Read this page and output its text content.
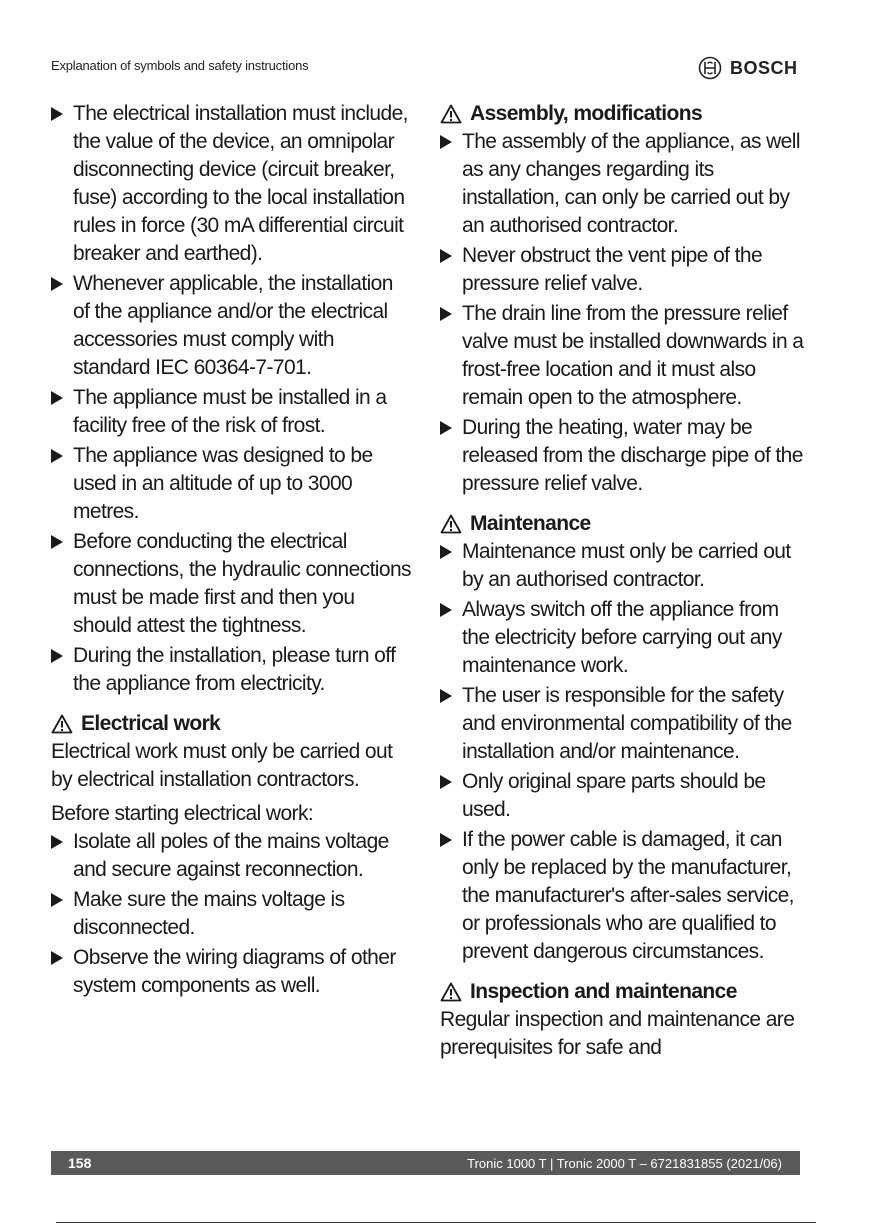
Explanation of symbols and safety instructions	BOSCH
The electrical installation must include, the value of the device, an omnipolar disconnecting device (circuit breaker, fuse) according to the local installation rules in force (30 mA differential circuit breaker and earthed).
Whenever applicable, the installation of the appliance and/or the electrical accessories must comply with standard IEC 60364-7-701.
The appliance must be installed in a facility free of the risk of frost.
The appliance was designed to be used in an altitude of up to 3000 metres.
Before conducting the electrical connections, the hydraulic connections must be made first and then you should attest the tightness.
During the installation, please turn off the appliance from electricity.
Electrical work
Electrical work must only be carried out by electrical installation contractors.
Before starting electrical work:
Isolate all poles of the mains voltage and secure against reconnection.
Make sure the mains voltage is disconnected.
Observe the wiring diagrams of other system components as well.
Assembly, modifications
The assembly of the appliance, as well as any changes regarding its installation, can only be carried out by an authorised contractor.
Never obstruct the vent pipe of the pressure relief valve.
The drain line from the pressure relief valve must be installed downwards in a frost-free location and it must also remain open to the atmosphere.
During the heating, water may be released from the discharge pipe of the pressure relief valve.
Maintenance
Maintenance must only be carried out by an authorised contractor.
Always switch off the appliance from the electricity before carrying out any maintenance work.
The user is responsible for the safety and environmental compatibility of the installation and/or maintenance.
Only original spare parts should be used.
If the power cable is damaged, it can only be replaced by the manufacturer, the manufacturer's after-sales service, or professionals who are qualified to prevent dangerous circumstances.
Inspection and maintenance
Regular inspection and maintenance are prerequisites for safe and
158	Tronic 1000 T | Tronic 2000 T – 6721831855 (2021/06)
